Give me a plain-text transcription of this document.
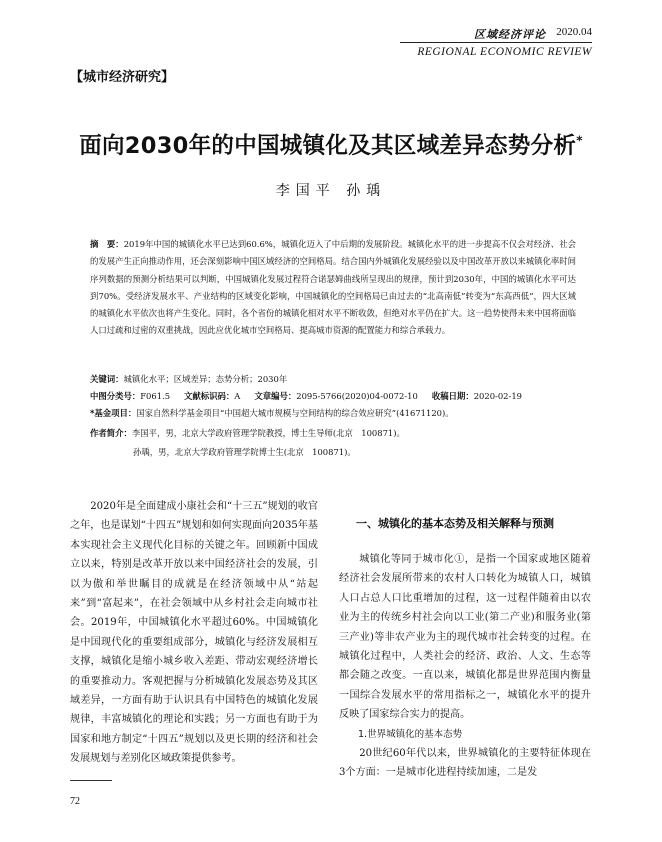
区域经济评论 2020.04
REGIONAL ECONOMIC REVIEW
【城市经济研究】
面向2030年的中国城镇化及其区域差异态势分析*
李国平 孙瑀
摘　要：2019年中国的城镇化水平已达到60.6%，城镇化迈入了中后期的发展阶段。城镇化水平的进一步提高不仅会对经济、社会的发展产生正向推动作用，还会深刻影响中国区域经济的空间格局。结合国内外城镇化发展经验以及中国改革开放以来城镇化率时间序列数据的预测分析结果可以判断，中国城镇化发展过程符合诺瑟姆曲线所呈现出的规律，预计到2030年，中国的城镇化水平可达到70%。受经济发展水平、产业结构的区域变化影响，中国城镇化的空间格局已由过去的“北高南低”转变为“东高西低”，四大区域的城镇化水平依次也将产生变化。同时，各个省份的城镇化相对水平不断收敛，但绝对水平仍在扩大。这一趋势使得未来中国将面临人口过疏和过密的双重挑战，因此应优化城市空间格局、提高城市资源的配置能力和综合承载力。
关键词：城镇化水平；区域差异；态势分析；2030年
中图分类号：F061.5 文献标识码：A 文章编号：2095-5766(2020)04-0072-10 收稿日期：2020-02-19
*基金项目：国家自然科学基金项目“中国超大城市规模与空间结构的综合效应研究”(41671120)。
作者简介：李国平，男，北京大学政府管理学院教授，博士生导师(北京　100871)。
孙瑀，男，北京大学政府管理学院博士生(北京　100871)。

2020年是全面建成小康社会和“十三五”规划的收官之年，也是谋划“十四五”规划和如何实现面向2035年基本实现社会主义现代化目标的关键之年。回顾新中国成立以来，特别是改革开放以来中国经济社会的发展，引以为傲和举世瞩目的成就是在经济领域中从“站起来”到“富起来”，在社会领域中从乡村社会走向城市社会。2019年，中国城镇化水平超过60%。中国城镇化是中国现代化的重要组成部分，城镇化与经济发展相互支撑，城镇化是缩小城乡收入差距、带动宏观经济增长的重要推动力。客观把握与分析城镇化发展态势及其区域差异，一方面有助于认识具有中国特色的城镇化发展规律，丰富城镇化的理论和实践；另一方面也有助于为国家和地方制定“十四五”规划以及更长期的经济和社会发展规划与差别化区域政策提供参考。

一、城镇化的基本态势及相关解释与预测

城镇化等同于城市化①，是指一个国家或地区随着经济社会发展所带来的农村人口转化为城镇人口，城镇人口占总人口比重增加的过程，这一过程伴随着由以农业为主的传统乡村社会向以工业(第二产业)和服务业(第三产业)等非农产业为主的现代城市社会转变的过程。在城镇化过程中，人类社会的经济、政治、人文、生态等都会随之改变。一直以来，城镇化都是世界范围内衡量一国综合发展水平的常用指标之一，城镇化水平的提升反映了国家综合实力的提高。

1.世界城镇化的基本态势

20世纪60年代以来，世界城镇化的主要特征体现在3个方面：一是城市化进程持续加速，二是发

72
